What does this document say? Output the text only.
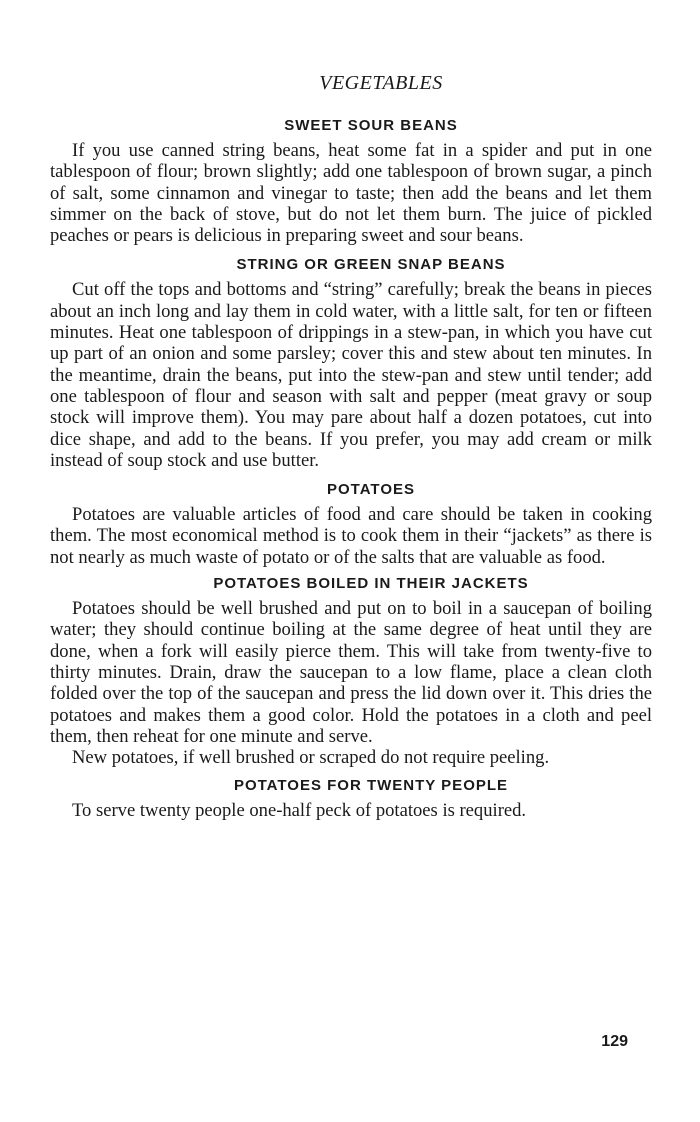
VEGETABLES
SWEET SOUR BEANS

If you use canned string beans, heat some fat in a spider and put in one tablespoon of flour; brown slightly; add one tablespoon of brown sugar, a pinch of salt, some cinnamon and vinegar to taste; then add the beans and let them simmer on the back of stove, but do not let them burn. The juice of pickled peaches or pears is delicious in preparing sweet and sour beans.

STRING OR GREEN SNAP BEANS

Cut off the tops and bottoms and “string” carefully; break the beans in pieces about an inch long and lay them in cold water, with a little salt, for ten or fifteen minutes. Heat one tablespoon of drippings in a stew-pan, in which you have cut up part of an onion and some parsley; cover this and stew about ten minutes. In the meantime, drain the beans, put into the stew-pan and stew until tender; add one tablespoon of flour and season with salt and pepper (meat gravy or soup stock will improve them). You may pare about half a dozen potatoes, cut into dice shape, and add to the beans. If you prefer, you may add cream or milk instead of soup stock and use butter.

POTATOES

Potatoes are valuable articles of food and care should be taken in cooking them. The most economical method is to cook them in their “jackets” as there is not nearly as much waste of potato or of the salts that are valuable as food.

POTATOES BOILED IN THEIR JACKETS

Potatoes should be well brushed and put on to boil in a saucepan of boiling water; they should continue boiling at the same degree of heat until they are done, when a fork will easily pierce them. This will take from twenty-five to thirty minutes. Drain, draw the saucepan to a low flame, place a clean cloth folded over the top of the saucepan and press the lid down over it. This dries the potatoes and makes them a good color. Hold the potatoes in a cloth and peel them, then reheat for one minute and serve.

New potatoes, if well brushed or scraped do not require peeling.

POTATOES FOR TWENTY PEOPLE

To serve twenty people one-half peck of potatoes is required.

129
